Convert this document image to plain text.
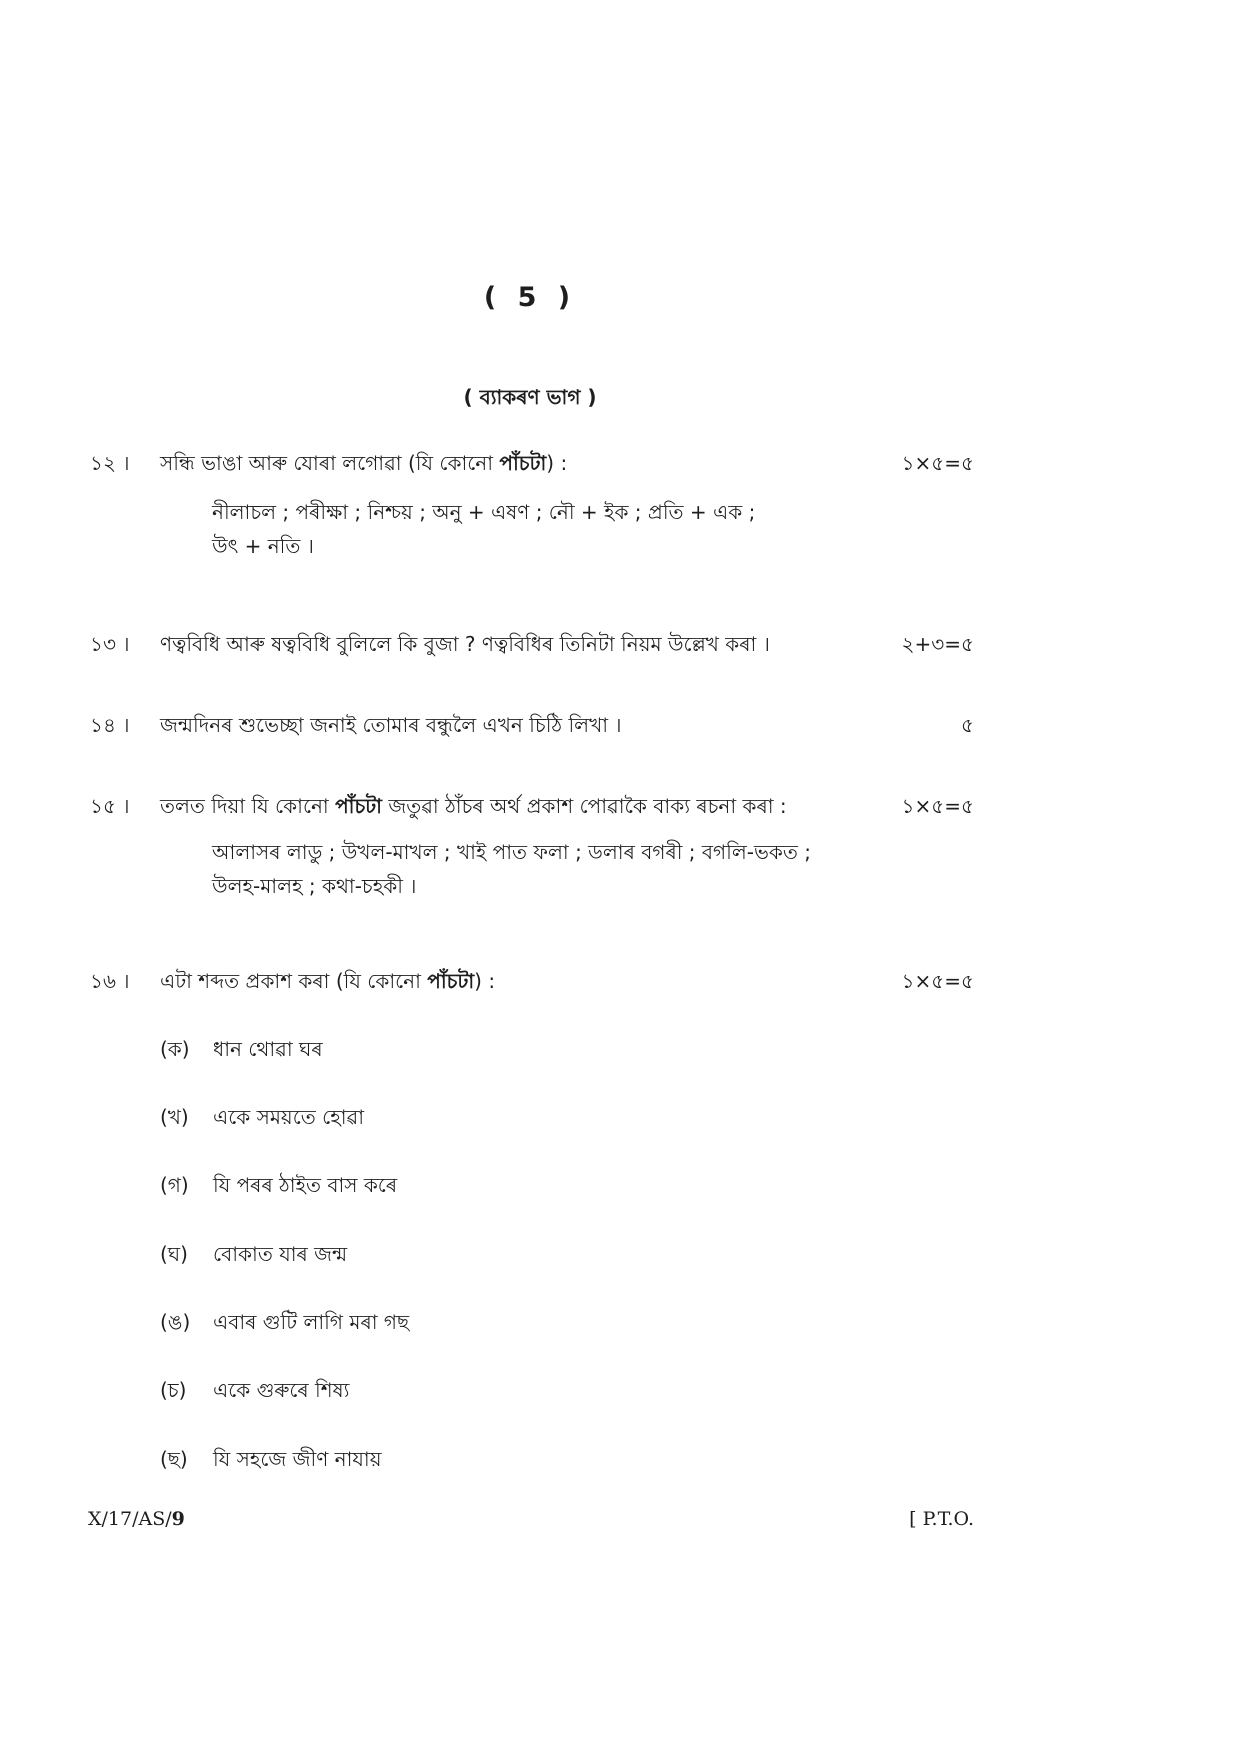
( 5 )
( ব্যাকৰণ ভাগ )
১২ । সন্ধি ভাঙা আৰু যোৰা লগোৱা (যি কোনো পাঁচটা) :	১×৫=৫
নীলাচল ; পৰীক্ষা ; নিশ্চয় ; অনু + এষণ ; নৌ + ইক ; প্ৰতি + এক ;
উৎ + নতি ।
১৩ । ণত্ববিধি আৰু ষত্ববিধি বুলিলে কি বুজা ? ণত্ববিধিৰ তিনিটা নিয়ম উল্লেখ কৰা ।	২+৩=৫
১৪ । জন্মদিনৰ শুভেচ্ছা জনাই তোমাৰ বন্ধুলৈ এখন চিঠি লিখা ।	৫
১৫ । তলত দিয়া যি কোনো পাঁচটা জতুৱা ঠাঁচৰ অৰ্থ প্ৰকাশ পোৱাকৈ বাক্য ৰচনা কৰা :	১×৫=৫
আলাসৰ লাডু ; উখল-মাখল ; খাই পাত ফলা ; ডলাৰ বগৰী ; বগলি-ভকত ;
উলহ-মালহ ; কথা-চহকী ।
১৬ । এটা শব্দত প্ৰকাশ কৰা (যি কোনো পাঁচটা) :	১×৫=৫
(ক) ধান থোৱা ঘৰ
(খ) একে সময়তে হোৱা
(গ) যি পৰৰ ঠাইত বাস কৰে
(ঘ) বোকাত যাৰ জন্ম
(ঙ) এবাৰ গুটি লাগি মৰা গছ
(চ) একে গুৰুৰে শিষ্য
(ছ) যি সহজে জীণ নাযায়
X/17/AS/9	[ P.T.O.
